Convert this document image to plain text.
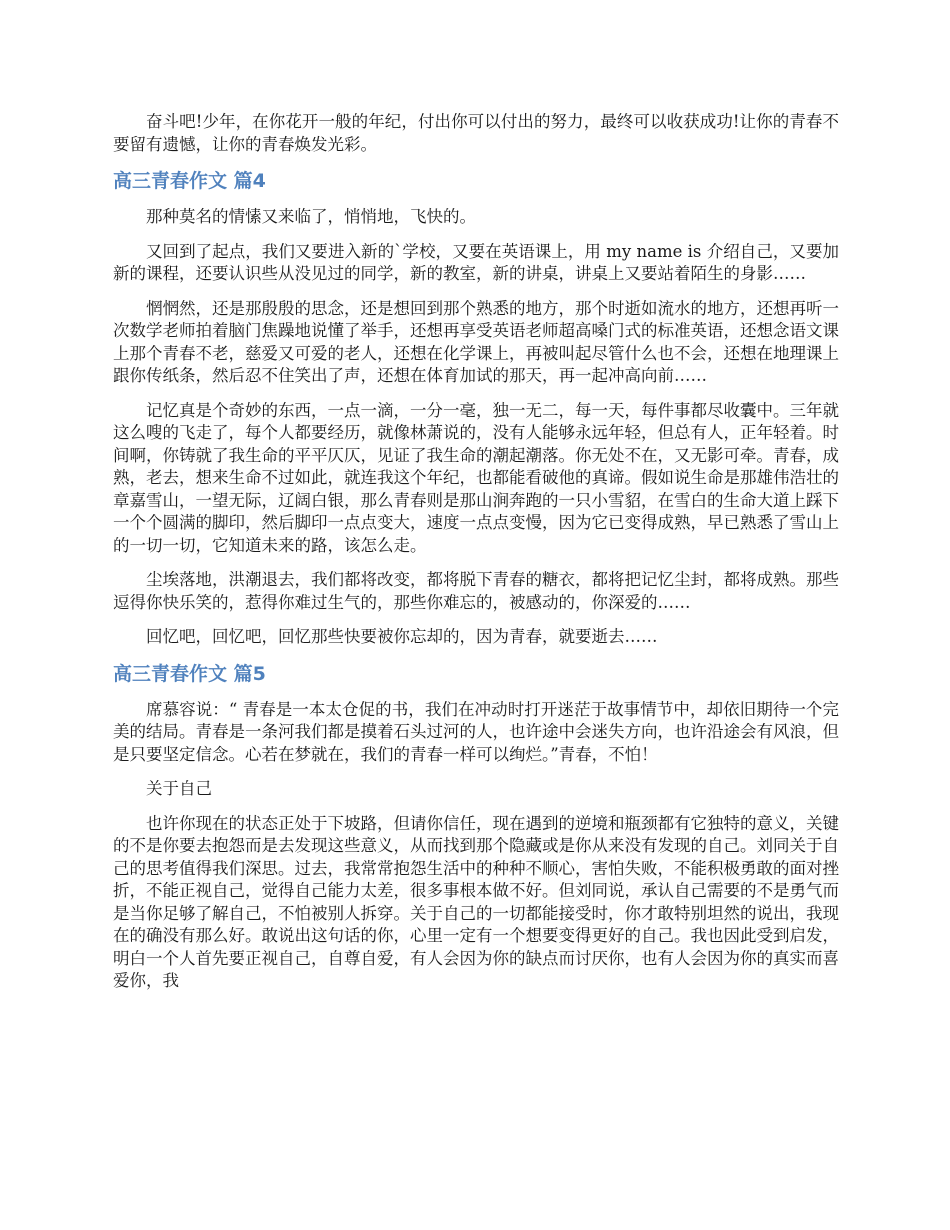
奋斗吧!少年，在你花开一般的年纪，付出你可以付出的努力，最终可以收获成功!让你的青春不要留有遗憾，让你的青春焕发光彩。

高三青春作文 篇4

那种莫名的情愫又来临了，悄悄地，飞快的。

又回到了起点，我们又要进入新的`学校，又要在英语课上，用 my name is 介绍自己，又要加新的课程，还要认识些从没见过的同学，新的教室，新的讲桌，讲桌上又要站着陌生的身影……

惘惘然，还是那殷殷的思念，还是想回到那个熟悉的地方，那个时逝如流水的地方，还想再听一次数学老师拍着脑门焦躁地说懂了举手，还想再享受英语老师超高嗓门式的标准英语，还想念语文课上那个青春不老，慈爱又可爱的老人，还想在化学课上，再被叫起尽管什么也不会，还想在地理课上跟你传纸条，然后忍不住笑出了声，还想在体育加试的那天，再一起冲高向前……

记忆真是个奇妙的东西，一点一滴，一分一毫，独一无二，每一天，每件事都尽收囊中。三年就这么嗖的飞走了，每个人都要经历，就像林萧说的，没有人能够永远年轻，但总有人，正年轻着。时间啊，你铸就了我生命的平平仄仄，见证了我生命的潮起潮落。你无处不在，又无影可牵。青春，成熟，老去，想来生命不过如此，就连我这个年纪，也都能看破他的真谛。假如说生命是那雄伟浩壮的章嘉雪山，一望无际，辽阔白银，那么青春则是那山涧奔跑的一只小雪貂，在雪白的生命大道上踩下一个个圆满的脚印，然后脚印一点点变大，速度一点点变慢，因为它已变得成熟，早已熟悉了雪山上的一切一切，它知道未来的路，该怎么走。

尘埃落地，洪潮退去，我们都将改变，都将脱下青春的糖衣，都将把记忆尘封，都将成熟。那些逗得你快乐笑的，惹得你难过生气的，那些你难忘的，被感动的，你深爱的……

回忆吧，回忆吧，回忆那些快要被你忘却的，因为青春，就要逝去……

高三青春作文 篇5

席慕容说：“ 青春是一本太仓促的书，我们在冲动时打开迷茫于故事情节中，却依旧期待一个完美的结局。青春是一条河我们都是摸着石头过河的人，也许途中会迷失方向，也许沿途会有风浪，但是只要坚定信念。心若在梦就在，我们的青春一样可以绚烂。”青春，不怕！

关于自己

也许你现在的状态正处于下坡路，但请你信任，现在遇到的逆境和瓶颈都有它独特的意义，关键的不是你要去抱怨而是去发现这些意义，从而找到那个隐藏或是你从来没有发现的自己。刘同关于自己的思考值得我们深思。过去，我常常抱怨生活中的种种不顺心，害怕失败，不能积极勇敢的面对挫折，不能正视自己，觉得自己能力太差，很多事根本做不好。但刘同说，承认自己需要的不是勇气而是当你足够了解自己，不怕被别人拆穿。关于自己的一切都能接受时，你才敢特别坦然的说出，我现在的确没有那么好。敢说出这句话的你，心里一定有一个想要变得更好的自己。我也因此受到启发，明白一个人首先要正视自己，自尊自爱，有人会因为你的缺点而讨厌你，也有人会因为你的真实而喜爱你，我
